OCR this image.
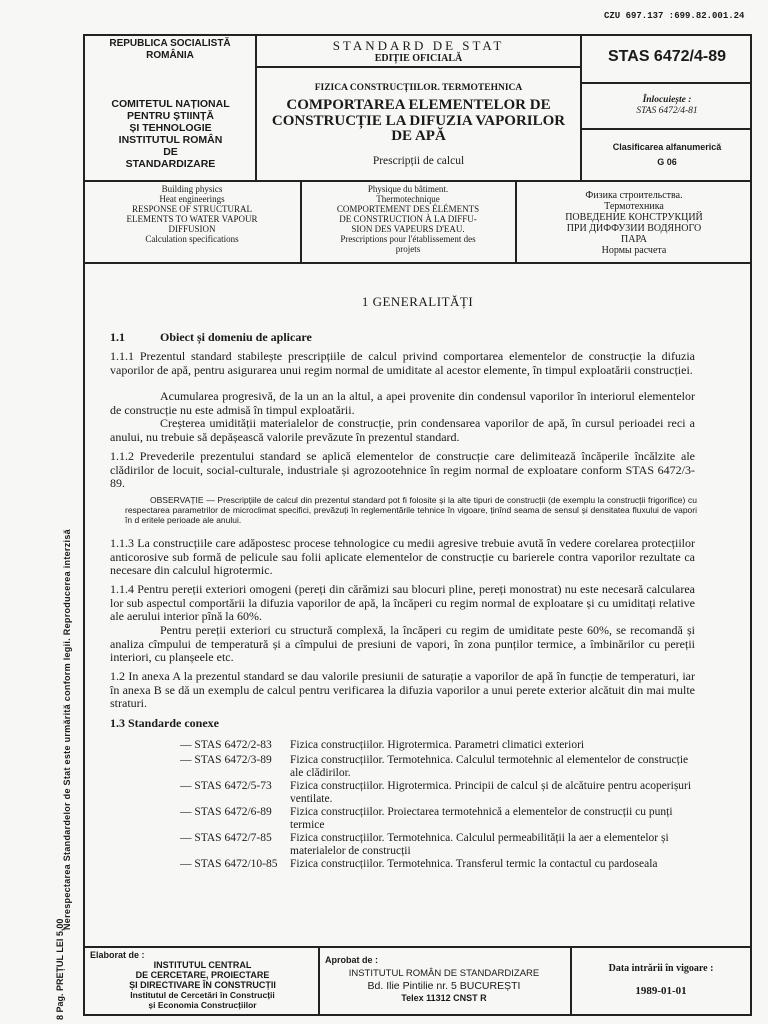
CZU 697.137 :699.82.001.24
Nerespectarea Standardelor de Stat este urmărită conform legii. Reproducerea interzisă
8 Pag. PREȚUL LEI 5,00
REPUBLICA SOCIALISTĂ
ROMÂNIA
COMITETUL NAȚIONAL
PENTRU ȘTIINȚĂ
ȘI TEHNOLOGIE
INSTITUTUL ROMÂN
DE
STANDARDIZARE
STANDARD DE STAT
EDIȚIE OFICIALĂ
FIZICA CONSTRUCȚIILOR. TERMOTEHNICA
COMPORTAREA ELEMENTELOR DE
CONSTRUCȚIE LA DIFUZIA VAPORILOR
DE APĂ
Prescripții de calcul
STAS 6472/4-89
Înlocuiește :
STAS 6472/4-81
Clasificarea alfanumerică
G 06
Building physics
Heat engineerings
RESPONSE OF STRUCTURAL
ELEMENTS TO WATER VAPOUR
DIFFUSION
Calculation specifications
Physique du bâtiment.
Thermotechnique
COMPORTEMENT DES ÉLÉMENTS
DE CONSTRUCTION À LA DIFFU-
SION DES VAPEURS D'EAU.
Prescriptions pour l'établissement des
projets
Физика строительства.
Термотехника
ПОВЕДЕНИЕ КОНСТРУКЦИЙ
ПРИ ДИФФУЗИИ ВОДЯНОГО
ПАРА
Нормы расчета
1 GENERALITĂȚI
1.1	Obiect și domeniu de aplicare
1.1.1 Prezentul standard stabilește prescripțiile de calcul privind comportarea elementelor de construcție la difuzia vaporilor de apă, pentru asigurarea unui regim normal de umiditate al acestor elemente, în timpul exploatării construcției.
Acumularea progresivă, de la un an la altul, a apei provenite din condensul vaporilor în interiorul elementelor de construcție nu este admisă în timpul exploatării.
Creșterea umidității materialelor de construcție, prin condensarea vaporilor de apă, în cursul perioadei reci a anului, nu trebuie să depășească valorile prevăzute în prezentul standard.
1.1.2 Prevederile prezentului standard se aplică elementelor de construcție care delimitează încăperile încălzite ale clădirilor de locuit, social-culturale, industriale și agrozootehnice în regim normal de exploatare conform STAS 6472/3-89.
OBSERVAȚIE — Prescripțiile de calcul din prezentul standard pot fi folosite și la alte tipuri de construcții (de exemplu la construcții frigorifice) cu respectarea parametrilor de microclimat specifici, prevăzuți în reglementările tehnice în vigoare, ținînd seama de sensul și densitatea fluxului de vapori în d eritele perioade ale anului.
1.1.3 La construcțiile care adăpostesc procese tehnologice cu medii agresive trebuie avută în vedere corelarea protecțiilor anticorosive sub formă de pelicule sau folii aplicate elementelor de construcție cu barierele contra vaporilor rezultate ca necesare din calculul higrotermic.
1.1.4 Pentru pereții exteriori omogeni (pereți din cărămizi sau blocuri pline, pereți monostrat) nu este necesară calcularea lor sub aspectul comportării la difuzia vaporilor de apă, la încăperi cu regim normal de exploatare și cu umiditați relative ale aerului interior pînă la 60%.
Pentru pereții exteriori cu structură complexă, la încăperi cu regim de umiditate peste 60%, se recomandă și analiza cîmpului de temperatură și a cîmpului de presiuni de vapori, în zona punților termice, a îmbinărilor cu pereții interiori, cu planșeele etc.
1.2 In anexa A la prezentul standard se dau valorile presiunii de saturație a vaporilor de apă în funcție de temperaturi, iar în anexa B se dă un exemplu de calcul pentru verificarea la difuzia vaporilor a unui perete exterior alcătuit din mai multe straturi.
1.3 Standarde conexe
— STAS 6472/2-83 Fizica construcțiilor. Higrotermica. Parametri climatici exteriori
— STAS 6472/3-89 Fizica construcțiilor. Termotehnica. Calculul termotehnic al elementelor de construcție ale clădirilor.
— STAS 6472/5-73 Fizica construcțiilor. Higrotermica. Principii de calcul și de alcătuire pentru acoperișuri ventilate.
— STAS 6472/6-89 Fizica construcțiilor. Proiectarea termotehnică a elementelor de construcții cu punți termice
— STAS 6472/7-85 Fizica construcțiilor. Termotehnica. Calculul permeabilității la aer a elementelor și materialelor de construcții
— STAS 6472/10-85 Fizica construcțiilor. Termotehnica. Transferul termic la contactul cu pardoseala
Elaborat de :
INSTITUTUL CENTRAL
DE CERCETARE, PROIECTARE
ȘI DIRECTIVARE ÎN CONSTRUCȚII
Institutul de Cercetări în Construcții
și Economia Construcțiilor
Aprobat de :
INSTITUTUL ROMÂN DE STANDARDIZARE
Bd. Ilie Pintilie nr. 5 BUCUREȘTI
Telex 11312 CNST R
Data intrării în vigoare :
1989-01-01
